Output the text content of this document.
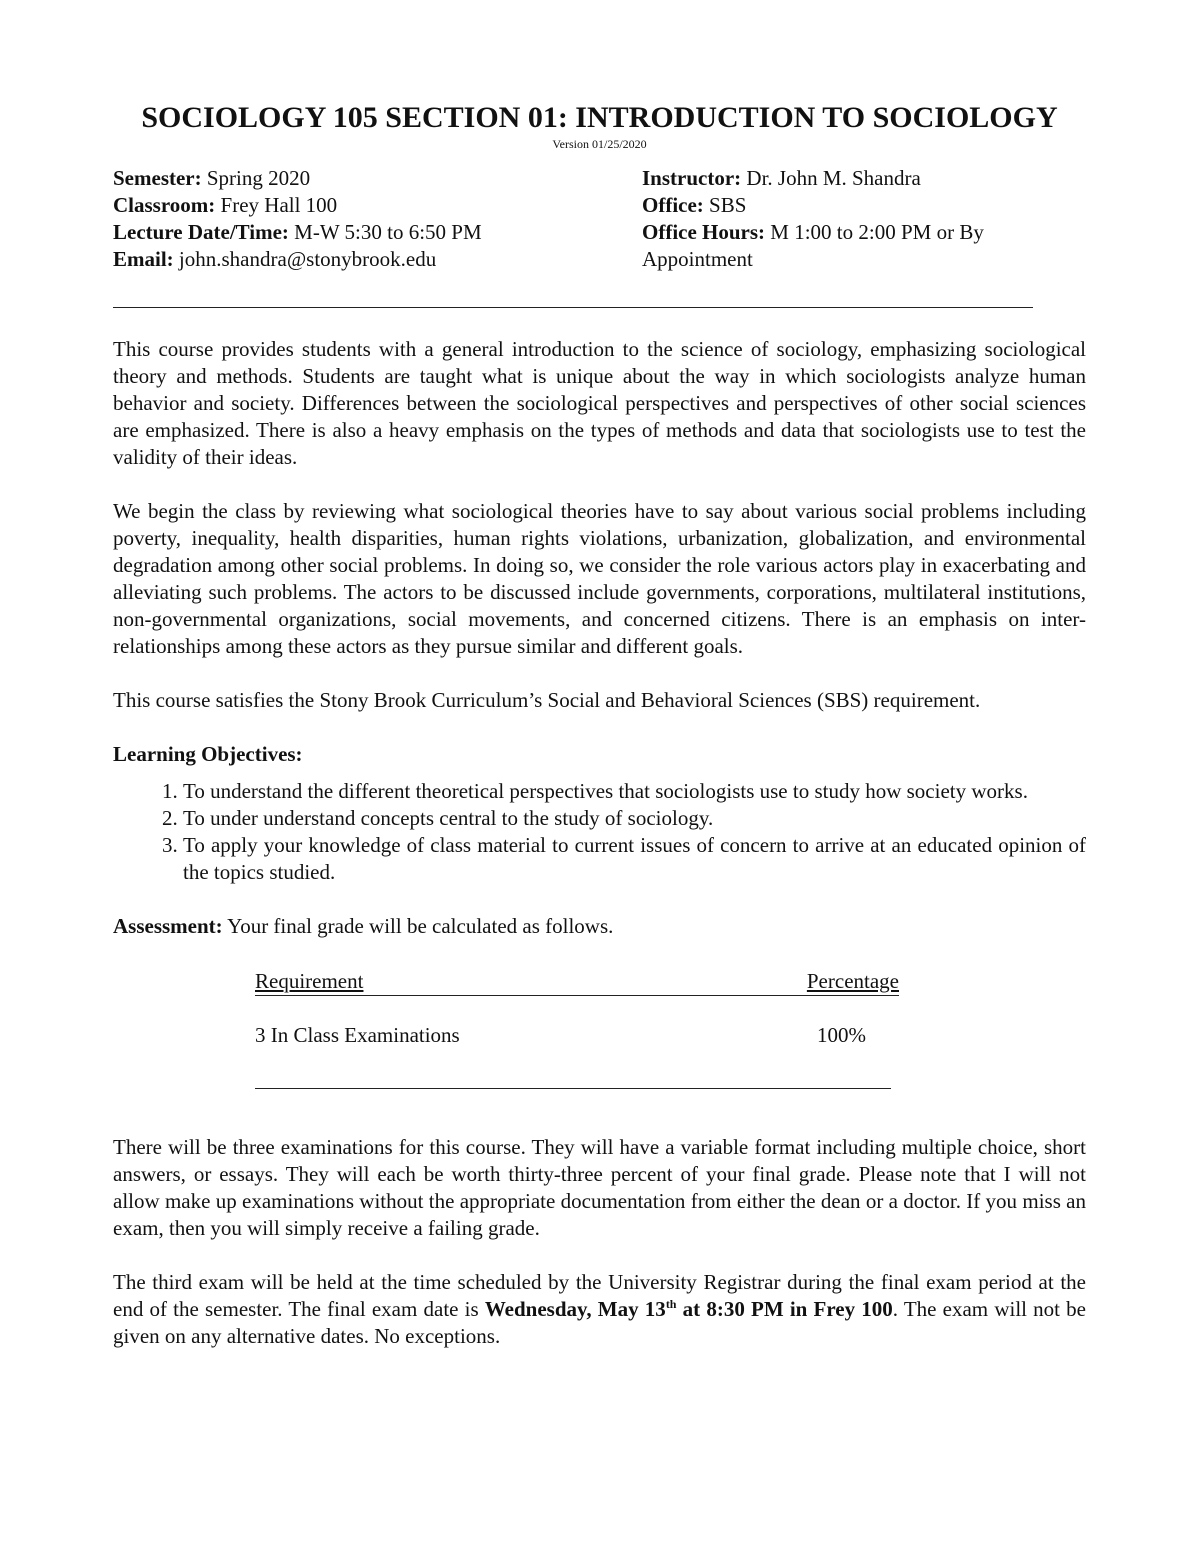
SOCIOLOGY 105 SECTION 01: INTRODUCTION TO SOCIOLOGY
Version 01/25/2020
Semester: Spring 2020
Classroom: Frey Hall 100
Lecture Date/Time: M-W 5:30 to 6:50 PM
Email: john.shandra@stonybrook.edu
Instructor: Dr. John M. Shandra
Office: SBS
Office Hours: M 1:00 to 2:00 PM or By Appointment

This course provides students with a general introduction to the science of sociology, emphasizing sociological theory and methods. Students are taught what is unique about the way in which sociologists analyze human behavior and society. Differences between the sociological perspectives and perspectives of other social sciences are emphasized. There is also a heavy emphasis on the types of methods and data that sociologists use to test the validity of their ideas.

We begin the class by reviewing what sociological theories have to say about various social problems including poverty, inequality, health disparities, human rights violations, urbanization, globalization, and environmental degradation among other social problems. In doing so, we consider the role various actors play in exacerbating and alleviating such problems. The actors to be discussed include governments, corporations, multilateral institutions, non-governmental organizations, social movements, and concerned citizens. There is an emphasis on inter-relationships among these actors as they pursue similar and different goals.

This course satisfies the Stony Brook Curriculum’s Social and Behavioral Sciences (SBS) requirement.

Learning Objectives:
1. To understand the different theoretical perspectives that sociologists use to study how society works.
2. To under understand concepts central to the study of sociology.
3. To apply your knowledge of class material to current issues of concern to arrive at an educated opinion of the topics studied.
Assessment: Your final grade will be calculated as follows.
Requirement	Percentage
3 In Class Examinations	100%

There will be three examinations for this course. They will have a variable format including multiple choice, short answers, or essays. They will each be worth thirty-three percent of your final grade. Please note that I will not allow make up examinations without the appropriate documentation from either the dean or a doctor. If you miss an exam, then you will simply receive a failing grade.

The third exam will be held at the time scheduled by the University Registrar during the final exam period at the end of the semester. The final exam date is Wednesday, May 13th at 8:30 PM in Frey 100. The exam will not be given on any alternative dates. No exceptions.
